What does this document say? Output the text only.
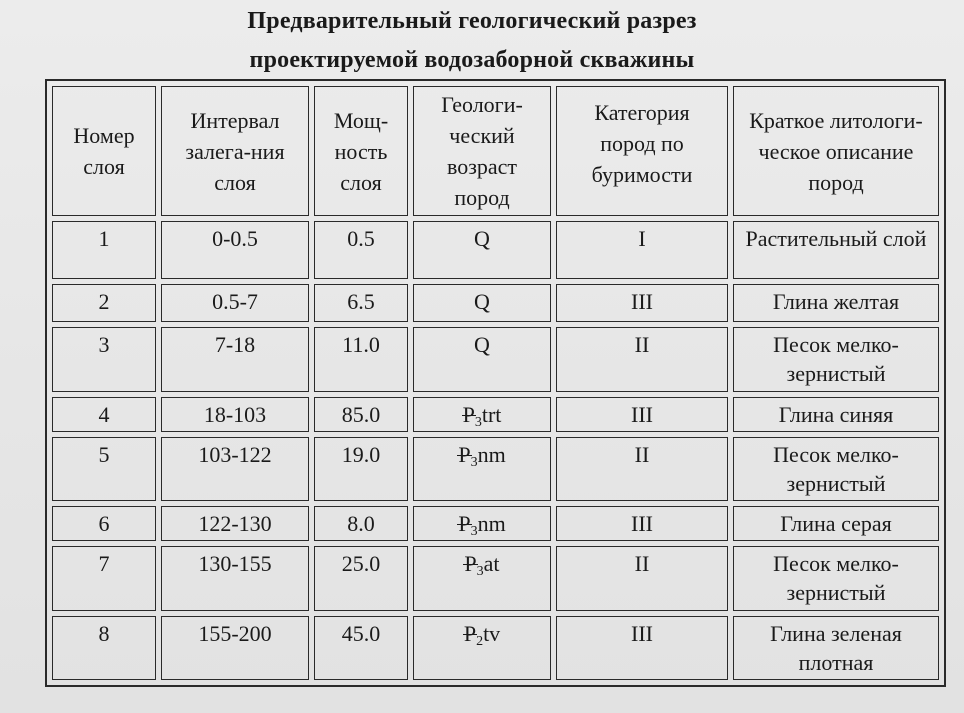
Предварительный геологический разрез
проектируемой водозаборной скважины
Номер слоя	Интервал залега-ния слоя	Мощ-ность слоя	Геологи-ческий возраст пород	Категория пород по буримости	Краткое литологи-ческое описание пород

1	0-0.5	0.5	Q	I	Растительный слой
2	0.5-7	6.5	Q	III	Глина желтая
3	7-18	11.0	Q	II	Песок мелко-зернистый
4	18-103	85.0	$P_3trt$	III	Глина синяя
5	103-122	19.0	$P_3nm$	II	Песок мелко-зернистый
6	122-130	8.0	$P_3nm$	III	Глина серая
7	130-155	25.0	$P_3at$	II	Песок мелко-зернистый
8	155-200	45.0	$P_2tv$	III	Глина зеленая плотная
